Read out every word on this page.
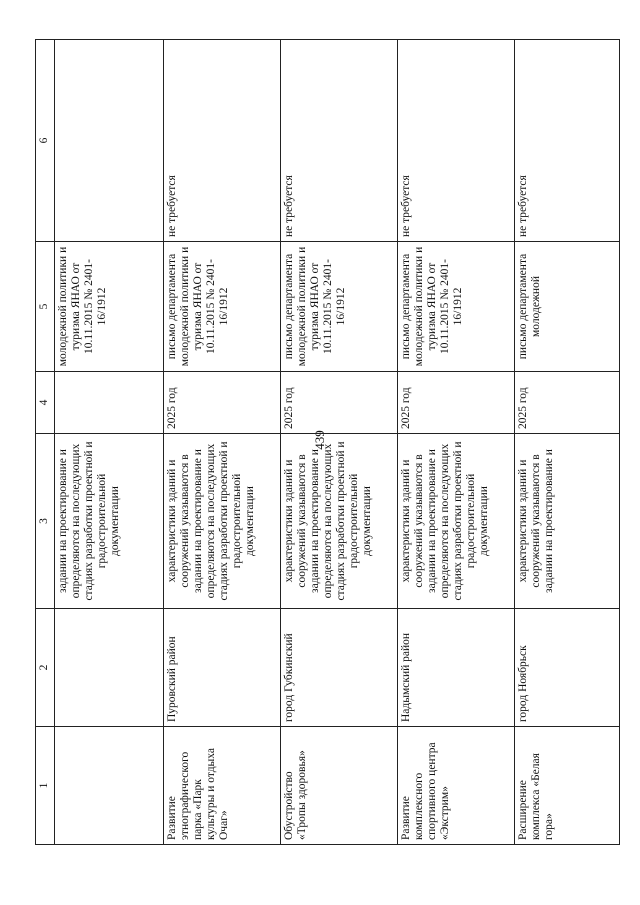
439
1	2	3	4	5	6
		задании на проектирование и определяются на последующих стадиях разработки проектной и градостроительной документации		молодежной политики и туризма ЯНАО от 10.11.2015 № 2401-16/1912	
Развитие этнографического парка «Парк культуры и отдыха Очаг»	Пуровский район	характеристики зданий и сооружений указываются в задании на проектирование и определяются на последующих стадиях разработки проектной и градостроительной документации	2025 год	письмо департамента молодежной политики и туризма ЯНАО от 10.11.2015 № 2401-16/1912	не требуется
Обустройство «Тропы здоровья»	город Губкинский	характеристики зданий и сооружений указываются в задании на проектирование и определяются на последующих стадиях разработки проектной и градостроительной документации	2025 год	письмо департамента молодежной политики и туризма ЯНАО от 10.11.2015 № 2401-16/1912	не требуется
Развитие комплексного спортивного центра «Экстрим»	Надымский район	характеристики зданий и сооружений указываются в задании на проектирование и определяются на последующих стадиях разработки проектной и градостроительной документации	2025 год	письмо департамента молодежной политики и туризма ЯНАО от 10.11.2015 № 2401-16/1912	не требуется
Расширение комплекса «Белая гора»	город Ноябрьск	характеристики зданий и сооружений указываются в задании на проектирование и	2025 год	письмо департамента молодежной	не требуется
